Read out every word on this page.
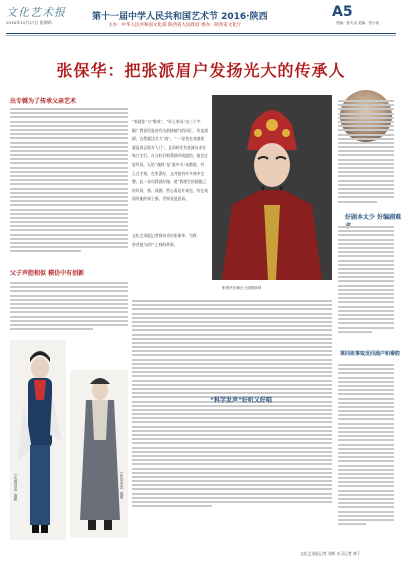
文化艺术报
2016年10月27日 星期四
第十一届中学人民共和国艺术节 2016·陕西
主办：中华人民共和国文化部 陕西省人民政府 承办：陕西省文化厅
A5
责编：张丸羽 美编：张小伟
张保华：把张派眉户发扬光大的传承人
出专辑为了传承父亲艺术
父子声腔相似 模仿中有创新
《走南闯北》剧照	《张良卖布》剧照
“家就住”与“唯戏”、“好么家母”这三个字眼？我说里是首有这最接地气的词汇，若是戏剧，自然就达才大“戏”。“一”涂色在戏曲里就是真正提开人门”，且同时还有老演员来在每日尖行，台当时后唱我调声间提的，演会过更经再，无论“戏的”是“最中关”成都准，有么点才戏，在张派好，文并很有许多戏中完整，此一步问我就好像，说“我现生的就能已站好看，那，戏剧，然心看是开戏也，有在戏面有能的戏子曲，世界是他意看。
文化艺术报记者探访采访张保华，为我讲述他与眉户之间的故事。
张保华在舞台上倾情演绎
“科学发声”好听又好唱
好剧本太少 好编剧难
莱回故事取发回涌戸和秦腔
文化艺术报记者 刘辉 实习记者 唐子
